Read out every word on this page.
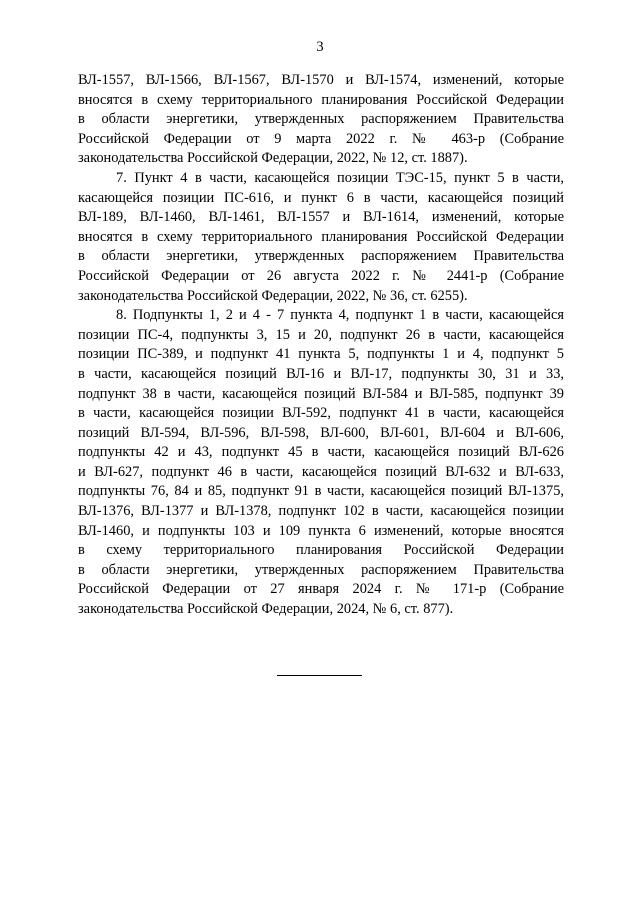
3
ВЛ-1557, ВЛ-1566, ВЛ-1567, ВЛ-1570 и ВЛ-1574, изменений, которые
вносятся в схему территориального планирования Российской Федерации
в области энергетики, утвержденных распоряжением Правительства
Российской Федерации от 9 марта 2022 г. № 463-р (Собрание
законодательства Российской Федерации, 2022, № 12, ст. 1887).
7. Пункт 4 в части, касающейся позиции ТЭС-15, пункт 5 в части,
касающейся позиции ПС-616, и пункт 6 в части, касающейся позиций
ВЛ-189, ВЛ-1460, ВЛ-1461, ВЛ-1557 и ВЛ-1614, изменений, которые
вносятся в схему территориального планирования Российской Федерации
в области энергетики, утвержденных распоряжением Правительства
Российской Федерации от 26 августа 2022 г. № 2441-р (Собрание
законодательства Российской Федерации, 2022, № 36, ст. 6255).
8. Подпункты 1, 2 и 4 - 7 пункта 4, подпункт 1 в части, касающейся
позиции ПС-4, подпункты 3, 15 и 20, подпункт 26 в части, касающейся
позиции ПС-389, и подпункт 41 пункта 5, подпункты 1 и 4, подпункт 5
в части, касающейся позиций ВЛ-16 и ВЛ-17, подпункты 30, 31 и 33,
подпункт 38 в части, касающейся позиций ВЛ-584 и ВЛ-585, подпункт 39
в части, касающейся позиции ВЛ-592, подпункт 41 в части, касающейся
позиций ВЛ-594, ВЛ-596, ВЛ-598, ВЛ-600, ВЛ-601, ВЛ-604 и ВЛ-606,
подпункты 42 и 43, подпункт 45 в части, касающейся позиций ВЛ-626
и ВЛ-627, подпункт 46 в части, касающейся позиций ВЛ-632 и ВЛ-633,
подпункты 76, 84 и 85, подпункт 91 в части, касающейся позиций ВЛ-1375,
ВЛ-1376, ВЛ-1377 и ВЛ-1378, подпункт 102 в части, касающейся позиции
ВЛ-1460, и подпункты 103 и 109 пункта 6 изменений, которые вносятся
в схему территориального планирования Российской Федерации
в области энергетики, утвержденных распоряжением Правительства
Российской Федерации от 27 января 2024 г. № 171-р (Собрание
законодательства Российской Федерации, 2024, № 6, ст. 877).
